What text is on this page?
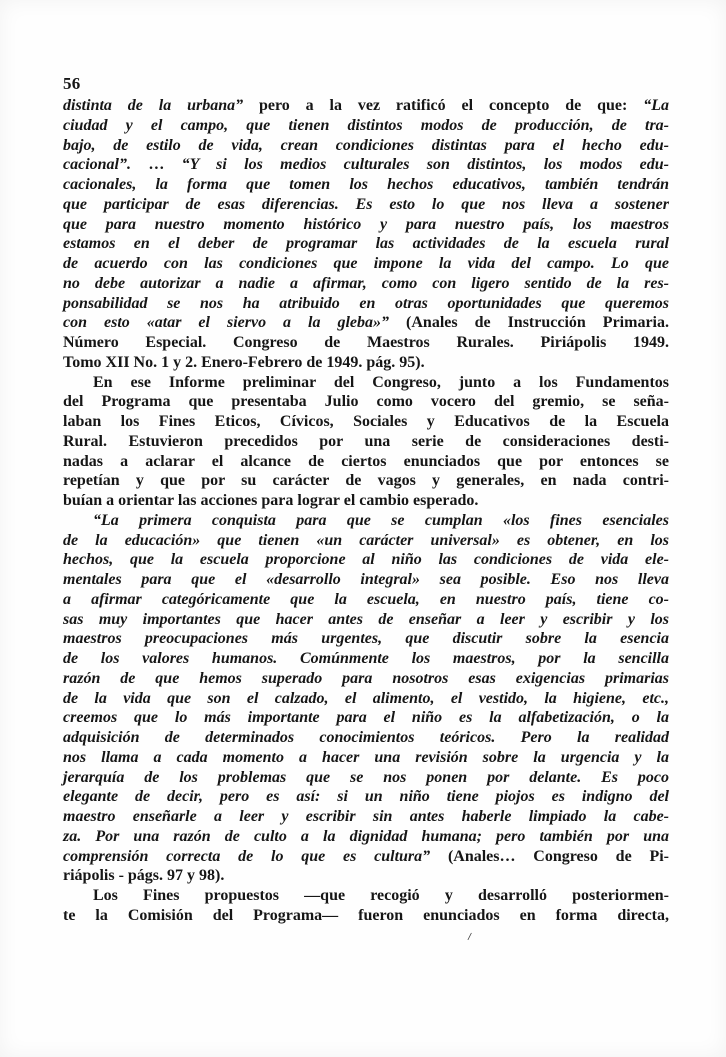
56
distinta de la urbana” pero a la vez ratificó el concepto de que: “La
ciudad y el campo, que tienen distintos modos de producción, de tra-
bajo, de estilo de vida, crean condiciones distintas para el hecho edu-
cacional”. … “Y si los medios culturales son distintos, los modos edu-
cacionales, la forma que tomen los hechos educativos, también tendrán
que participar de esas diferencias. Es esto lo que nos lleva a sostener
que para nuestro momento histórico y para nuestro país, los maestros
estamos en el deber de programar las actividades de la escuela rural
de acuerdo con las condiciones que impone la vida del campo. Lo que
no debe autorizar a nadie a afirmar, como con ligero sentido de la res-
ponsabilidad se nos ha atribuido en otras oportunidades que queremos
con esto «atar el siervo a la gleba»” (Anales de Instrucción Primaria.
Número Especial. Congreso de Maestros Rurales. Piriápolis 1949.
Tomo XII No. 1 y 2. Enero-Febrero de 1949. pág. 95).
En ese Informe preliminar del Congreso, junto a los Fundamentos
del Programa que presentaba Julio como vocero del gremio, se seña-
laban los Fines Eticos, Cívicos, Sociales y Educativos de la Escuela
Rural. Estuvieron precedidos por una serie de consideraciones desti-
nadas a aclarar el alcance de ciertos enunciados que por entonces se
repetían y que por su carácter de vagos y generales, en nada contri-
buían a orientar las acciones para lograr el cambio esperado.
“La primera conquista para que se cumplan «los fines esenciales
de la educación» que tienen «un carácter universal» es obtener, en los
hechos, que la escuela proporcione al niño las condiciones de vida ele-
mentales para que el «desarrollo integral» sea posible. Eso nos lleva
a afirmar categóricamente que la escuela, en nuestro país, tiene co-
sas muy importantes que hacer antes de enseñar a leer y escribir y los
maestros preocupaciones más urgentes, que discutir sobre la esencia
de los valores humanos. Comúnmente los maestros, por la sencilla
razón de que hemos superado para nosotros esas exigencias primarias
de la vida que son el calzado, el alimento, el vestido, la higiene, etc.,
creemos que lo más importante para el niño es la alfabetización, o la
adquisición de determinados conocimientos teóricos. Pero la realidad
nos llama a cada momento a hacer una revisión sobre la urgencia y la
jerarquía de los problemas que se nos ponen por delante. Es poco
elegante de decir, pero es así: si un niño tiene piojos es indigno del
maestro enseñarle a leer y escribir sin antes haberle limpiado la cabe-
za. Por una razón de culto a la dignidad humana; pero también por una
comprensión correcta de lo que es cultura” (Anales… Congreso de Pi-
riápolis - págs. 97 y 98).
Los Fines propuestos —que recogió y desarrolló posteriormen-
te la Comisión del Programa— fueron enunciados en forma directa,
/
